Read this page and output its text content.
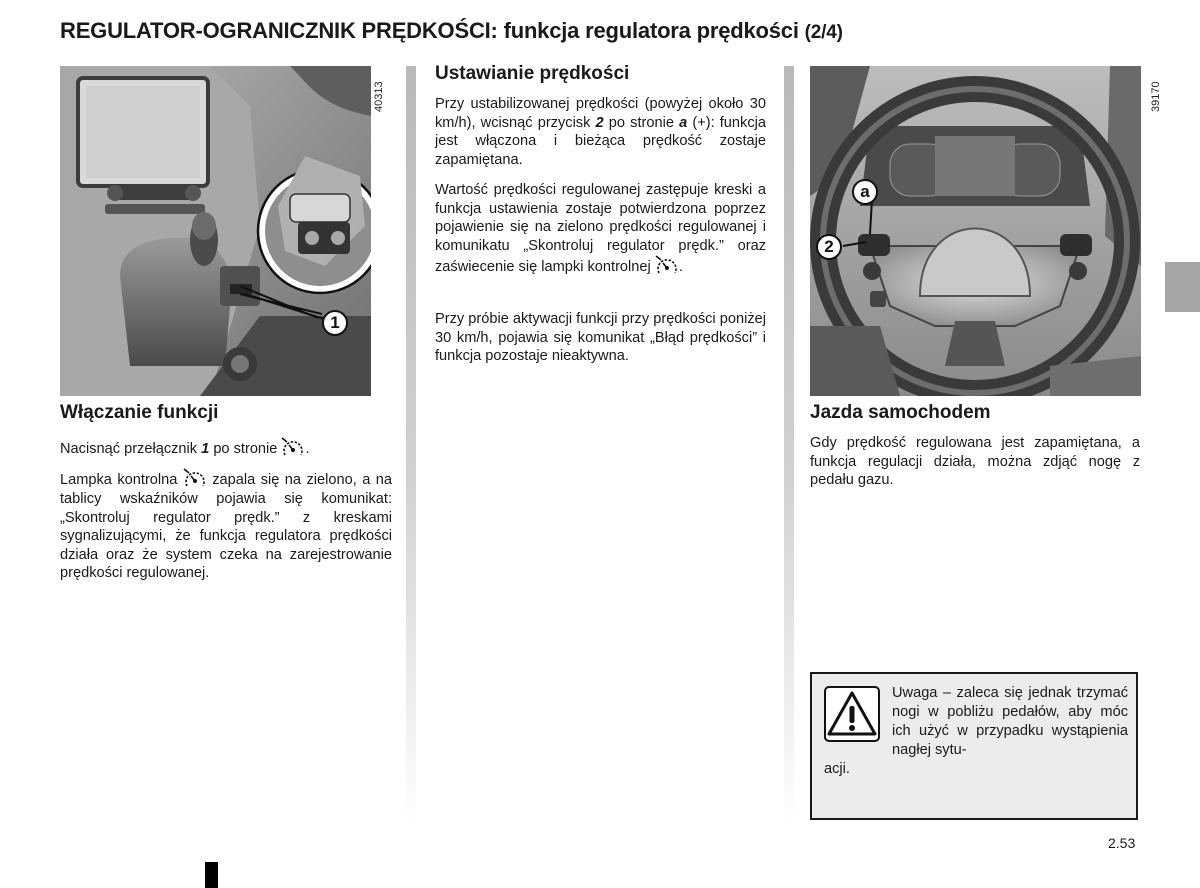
REGULATOR-OGRANICZNIK PRĘDKOŚCI: funkcja regulatora prędkości (2/4)
1
40313
Włączanie funkcji

Nacisnąć przełącznik 1 po stronie .

Lampka kontrolna  zapala się na zielono, a na tablicy wskaźników pojawia się komunikat: „Skontroluj regulator prędk.” z kreskami sygnalizującymi, że funkcja regulatora prędkości działa oraz że system czeka na zarejestrowanie prędkości regulowanej.

Ustawianie prędkości

Przy ustabilizowanej prędkości (powyżej około 30 km/h), wcisnąć przycisk 2 po stronie a (+): funkcja jest włączona i bieżąca prędkość zostaje zapamiętana.

Wartość prędkości regulowanej zastępuje kreski a funkcja ustawienia zostaje potwierdzona poprzez pojawienie się na zielono prędkości regulowanej i komunikatu „Skontroluj regulator prędk.” oraz zaświecenie się lampki kontrolnej .

Przy próbie aktywacji funkcji przy prędkości poniżej 30 km/h, pojawia się komunikat „Błąd prędkości” i funkcja pozostaje nieaktywna.

a
2
39170
Jazda samochodem

Gdy prędkość regulowana jest zapamiętana, a funkcja regulacji działa, można zdjąć nogę z pedału gazu.

Uwaga – zaleca się jednak trzymać nogi w pobliżu pedałów, aby móc ich użyć w przypadku wystąpienia nagłej sytu-
acji.
2.53
